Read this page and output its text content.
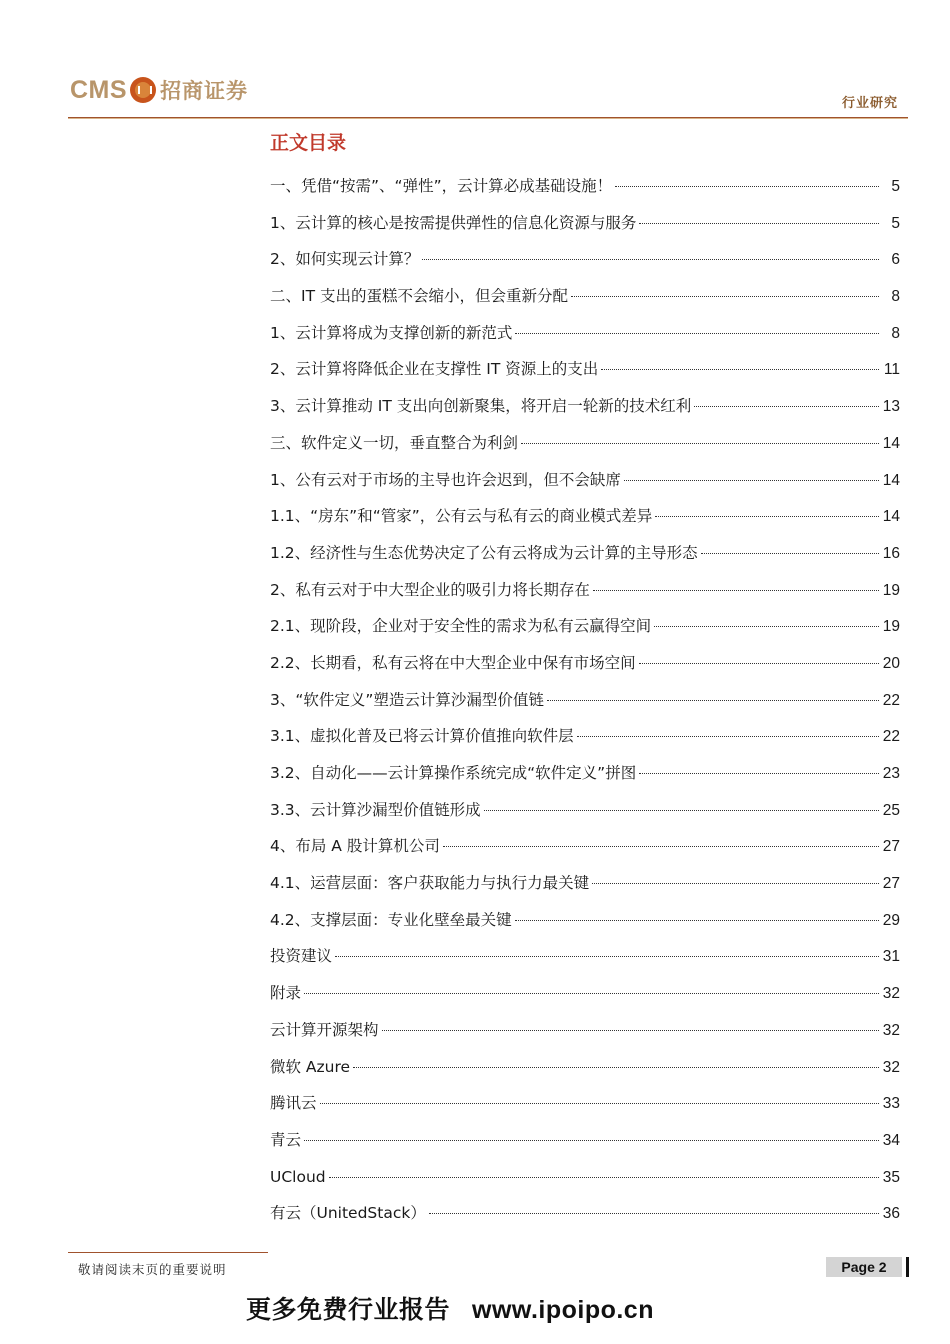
CMS 招商证券
行业研究
正文目录
一、凭借“按需”、“弹性”，云计算必成基础设施！	5
1、云计算的核心是按需提供弹性的信息化资源与服务	5
2、如何实现云计算？	6
二、IT 支出的蛋糕不会缩小，但会重新分配	8
1、云计算将成为支撑创新的新范式	8
2、云计算将降低企业在支撑性 IT 资源上的支出	11
3、云计算推动 IT 支出向创新聚集，将开启一轮新的技术红利	13
三、软件定义一切，垂直整合为利剑	14
1、公有云对于市场的主导也许会迟到，但不会缺席	14
1.1、“房东”和“管家”，公有云与私有云的商业模式差异	14
1.2、经济性与生态优势决定了公有云将成为云计算的主导形态	16
2、私有云对于中大型企业的吸引力将长期存在	19
2.1、现阶段，企业对于安全性的需求为私有云赢得空间	19
2.2、长期看，私有云将在中大型企业中保有市场空间	20
3、“软件定义”塑造云计算沙漏型价值链	22
3.1、虚拟化普及已将云计算价值推向软件层	22
3.2、自动化——云计算操作系统完成“软件定义”拼图	23
3.3、云计算沙漏型价值链形成	25
4、布局 A 股计算机公司	27
4.1、运营层面：客户获取能力与执行力最关键	27
4.2、支撑层面：专业化壁垒最关键	29
投资建议	31
附录	32
云计算开源架构	32
微软 Azure	32
腾讯云	33
青云	34
UCloud	35
有云（UnitedStack）	36
敬请阅读末页的重要说明	Page 2
更多免费行业报告 www.ipoipo.cn
